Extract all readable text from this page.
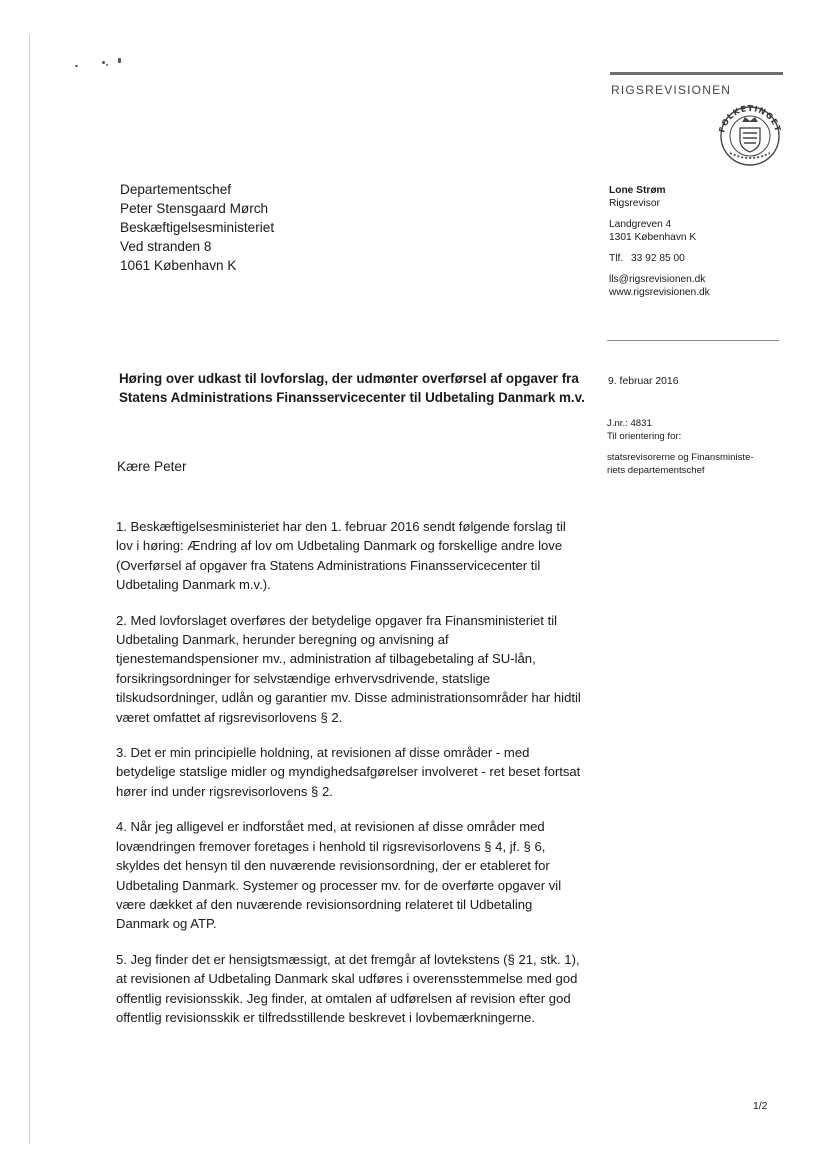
RIGSREVISIONEN
FOLKETINGET
Departementschef
Peter Stensgaard Mørch
Beskæftigelsesministeriet
Ved stranden 8
1061 København K
Lone Strøm
Rigsrevisor
Landgreven 4
1301 København K
Tlf. 33 92 85 00
lls@rigsrevisionen.dk
www.rigsrevisionen.dk
9. februar 2016
J.nr.: 4831
Til orientering for:
statsrevisorerne og Finansministe-
riets departementschef
Høring over udkast til lovforslag, der udmønter overførsel af opgaver fra Statens Administrations Finansservicecenter til Udbetaling Danmark m.v.
Kære Peter

1. Beskæftigelsesministeriet har den 1. februar 2016 sendt følgende forslag til lov i høring: Ændring af lov om Udbetaling Danmark og forskellige andre love (Overførsel af opgaver fra Statens Administrations Finansservicecenter til Udbetaling Danmark m.v.).

2. Med lovforslaget overføres der betydelige opgaver fra Finansministeriet til Udbetaling Danmark, herunder beregning og anvisning af tjenestemandspensioner mv., administration af tilbagebetaling af SU-lån, forsikringsordninger for selvstændige erhvervsdrivende, statslige tilskudsordninger, udlån og garantier mv. Disse administrationsområder har hidtil været omfattet af rigsrevisorlovens § 2.

3. Det er min principielle holdning, at revisionen af disse områder - med betydelige statslige midler og myndighedsafgørelser involveret - ret beset fortsat hører ind under rigsrevisorlovens § 2.

4. Når jeg alligevel er indforstået med, at revisionen af disse områder med lovændringen fremover foretages i henhold til rigsrevisorlovens § 4, jf. § 6, skyldes det hensyn til den nuværende revisionsordning, der er etableret for Udbetaling Danmark. Systemer og processer mv. for de overførte opgaver vil være dækket af den nuværende revisionsordning relateret til Udbetaling Danmark og ATP.

5. Jeg finder det er hensigtsmæssigt, at det fremgår af lovtekstens (§ 21, stk. 1), at revisionen af Udbetaling Danmark skal udføres i overensstemmelse med god offentlig revisionsskik. Jeg finder, at omtalen af udførelsen af revision efter god offentlig revisionsskik er tilfredsstillende beskrevet i lovbemærkningerne.

1/2
